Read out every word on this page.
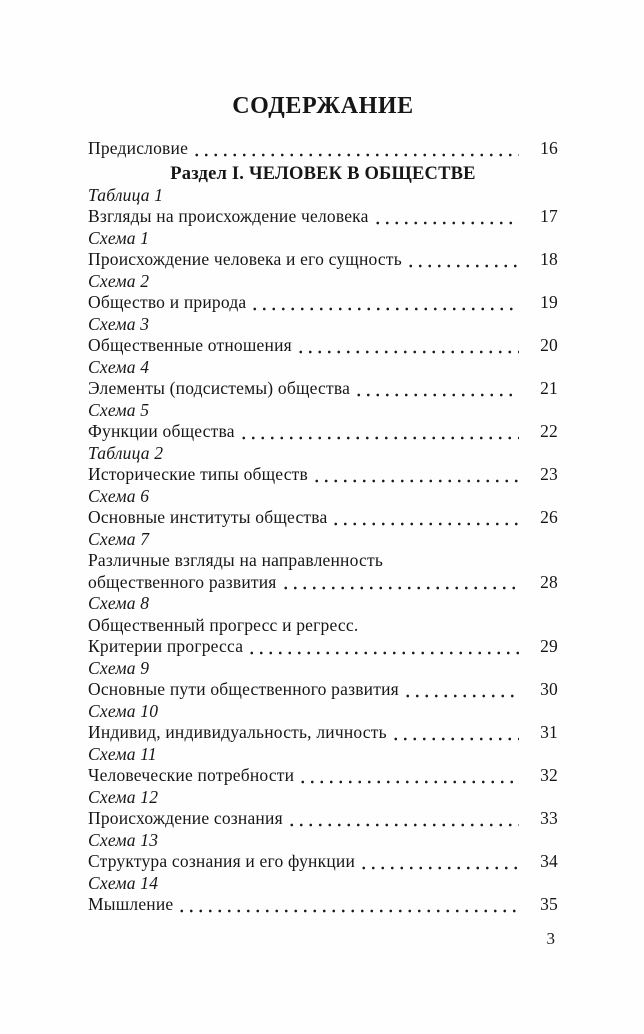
СОДЕРЖАНИЕ
Предисловие	16
Раздел I. ЧЕЛОВЕК В ОБЩЕСТВЕ
Таблица 1
Взгляды на происхождение человека	17
Схема 1
Происхождение человека и его сущность	18
Схема 2
Общество и природа	19
Схема 3
Общественные отношения	20
Схема 4
Элементы (подсистемы) общества	21
Схема 5
Функции общества	22
Таблица 2
Исторические типы обществ	23
Схема 6
Основные институты общества	26
Схема 7
Различные взгляды на направленность
общественного развития	28
Схема 8
Общественный прогресс и регресс.
Критерии прогресса	29
Схема 9
Основные пути общественного развития	30
Схема 10
Индивид, индивидуальность, личность	31
Схема 11
Человеческие потребности	32
Схема 12
Происхождение сознания	33
Схема 13
Структура сознания и его функции	34
Схема 14
Мышление	35
3
